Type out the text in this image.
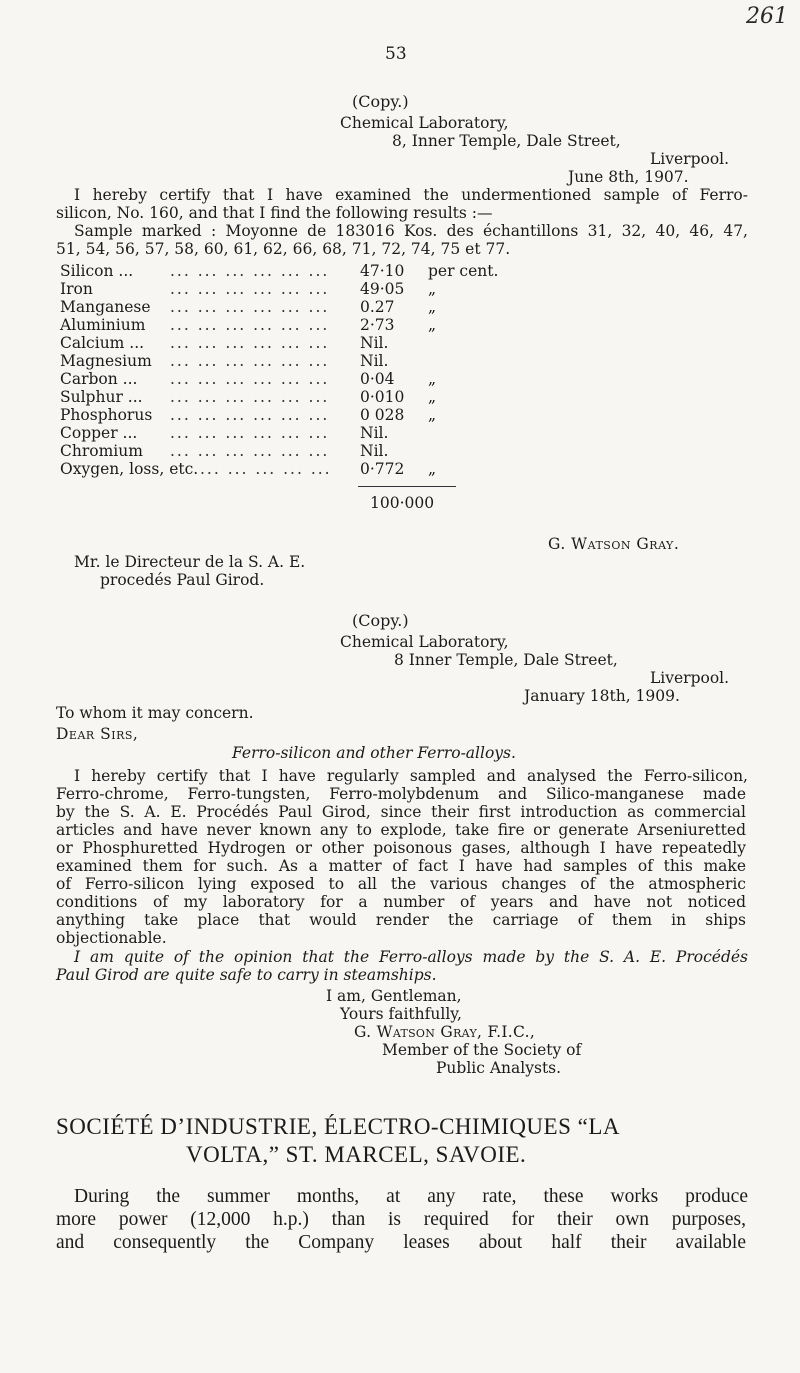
261
53
(Copy.)
Chemical Laboratory,
8, Inner Temple, Dale Street,
Liverpool.
June 8th, 1907.
I hereby certify that I have examined the undermentioned sample of Ferro-
silicon, No. 160, and that I find the following results :—
Sample marked : Moyonne de 183016 Kos. des échantillons 31, 32, 40, 46, 47,
51, 54, 56, 57, 58, 60, 61, 62, 66, 68, 71, 72, 74, 75 et 77.
Silicon ... ... ... ... ... ... ... 47·10 per cent.
Iron	... ... ... ... ... ... 49·05 „
Manganese ... ... ... ... ... ... 0.27 „
Aluminium ... ... ... ... ... ... 2·73 „
Calcium ... ... ... ... ... ... ... Nil.
Magnesium ... ... ... ... ... ... Nil.
Carbon ... ... ... ... ... ... ... 0·04 „
Sulphur ... ... ... ... ... ... ... 0·010 „
Phosphorus ... ... ... ... ... ... 0 028 „
Copper ... ... ... ... ... ... ... Nil.
Chromium ... ... ... ... ... ... Nil.
Oxygen, loss, etc. ... ... ... ... ... 0·772 „
100·000
G. Watson Gray.
Mr. le Directeur de la S. A. E.
procedés Paul Girod.
(Copy.)
Chemical Laboratory,
8 Inner Temple, Dale Street,
Liverpool.
January 18th, 1909.
To whom it may concern.
Dear Sirs,
Ferro-silicon and other Ferro-alloys.
I hereby certify that I have regularly sampled and analysed the Ferro-silicon,
Ferro-chrome, Ferro-tungsten, Ferro-molybdenum and Silico-manganese made
by the S. A. E. Procédés Paul Girod, since their first introduction as commercial
articles and have never known any to explode, take fire or generate Arseniuretted
or Phosphuretted Hydrogen or other poisonous gases, although I have repeatedly
examined them for such. As a matter of fact I have had samples of this make
of Ferro-silicon lying exposed to all the various changes of the atmospheric
conditions of my laboratory for a number of years and have not noticed
anything take place that would render the carriage of them in ships
objectionable.
I am quite of the opinion that the Ferro-alloys made by the S. A. E. Procédés
Paul Girod are quite safe to carry in steamships.
I am, Gentleman,
Yours faithfully,
G. Watson Gray, F.I.C.,
Member of the Society of
Public Analysts.
SOCIÉTÉ D’INDUSTRIE, ÉLECTRO-CHIMIQUES “LA
VOLTA,” ST. MARCEL, SAVOIE.
During the summer months, at any rate, these works produce
more power (12,000 h.p.) than is required for their own purposes,
and consequently the Company leases about half their available
